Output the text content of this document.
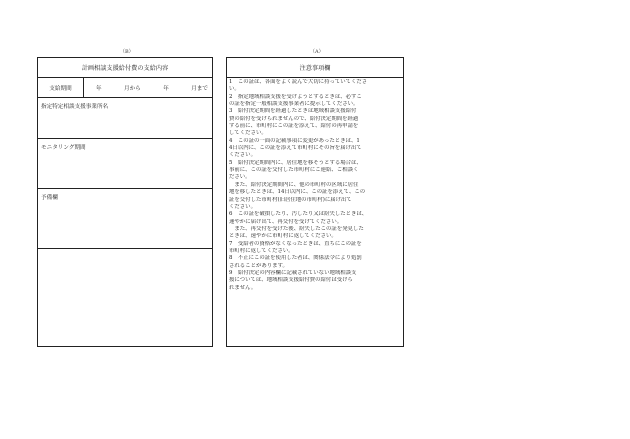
（B）	（A）
計画相談支援給付費の支給内容
支給期間	年	月から	年	月まで
指定特定相談支援事業所名
モニタリング期間
予備欄
注意事項欄
1　この証は、各面をよく読んで大切に持っていてくださ
い。
2　指定地域相談支援を受けようとするときは、必ずこ
の証を指定一般相談支援事業者に提示してください。
3　給付決定期間を経過したときは地域相談支援給付
費の給付を受けられませんので、給付決定期間を経過
する前に、市町村にこの証を添えて、給付の再申請を
してください。
4　この証の一面の記載事項に変更があったときは、1
4日以内に、この証を添えて市町村にその旨を届け出て
ください。
5　給付決定期間内に、居住地を移そうとする場合は、
事前に、この証を交付した市町村にご連絡、ご相談く
ださい。
　また、給付決定期間内に、他の市町村の区域に居住
地を移したときは、14日以内に、この証を添えて、この
証を交付した市町村(旧居住地の市町村)に届け出て
ください。
6　この証を破損したり、汚したり又は紛失したときは、
速やかに届け出て、再交付を受けてください。
　また、再交付を受けた後、紛失したこの証を発見した
ときは、速やかに市町村に返してください。
7　受給者の資格がなくなったときは、直ちにこの証を
市町村に返してください。
8　不正にこの証を使用した者は、関係法令により処罰
されることがあります。
9　給付決定の内容欄に記載されていない地域相談支
援については、地域相談支援給付費の給付は受けら
れません。
